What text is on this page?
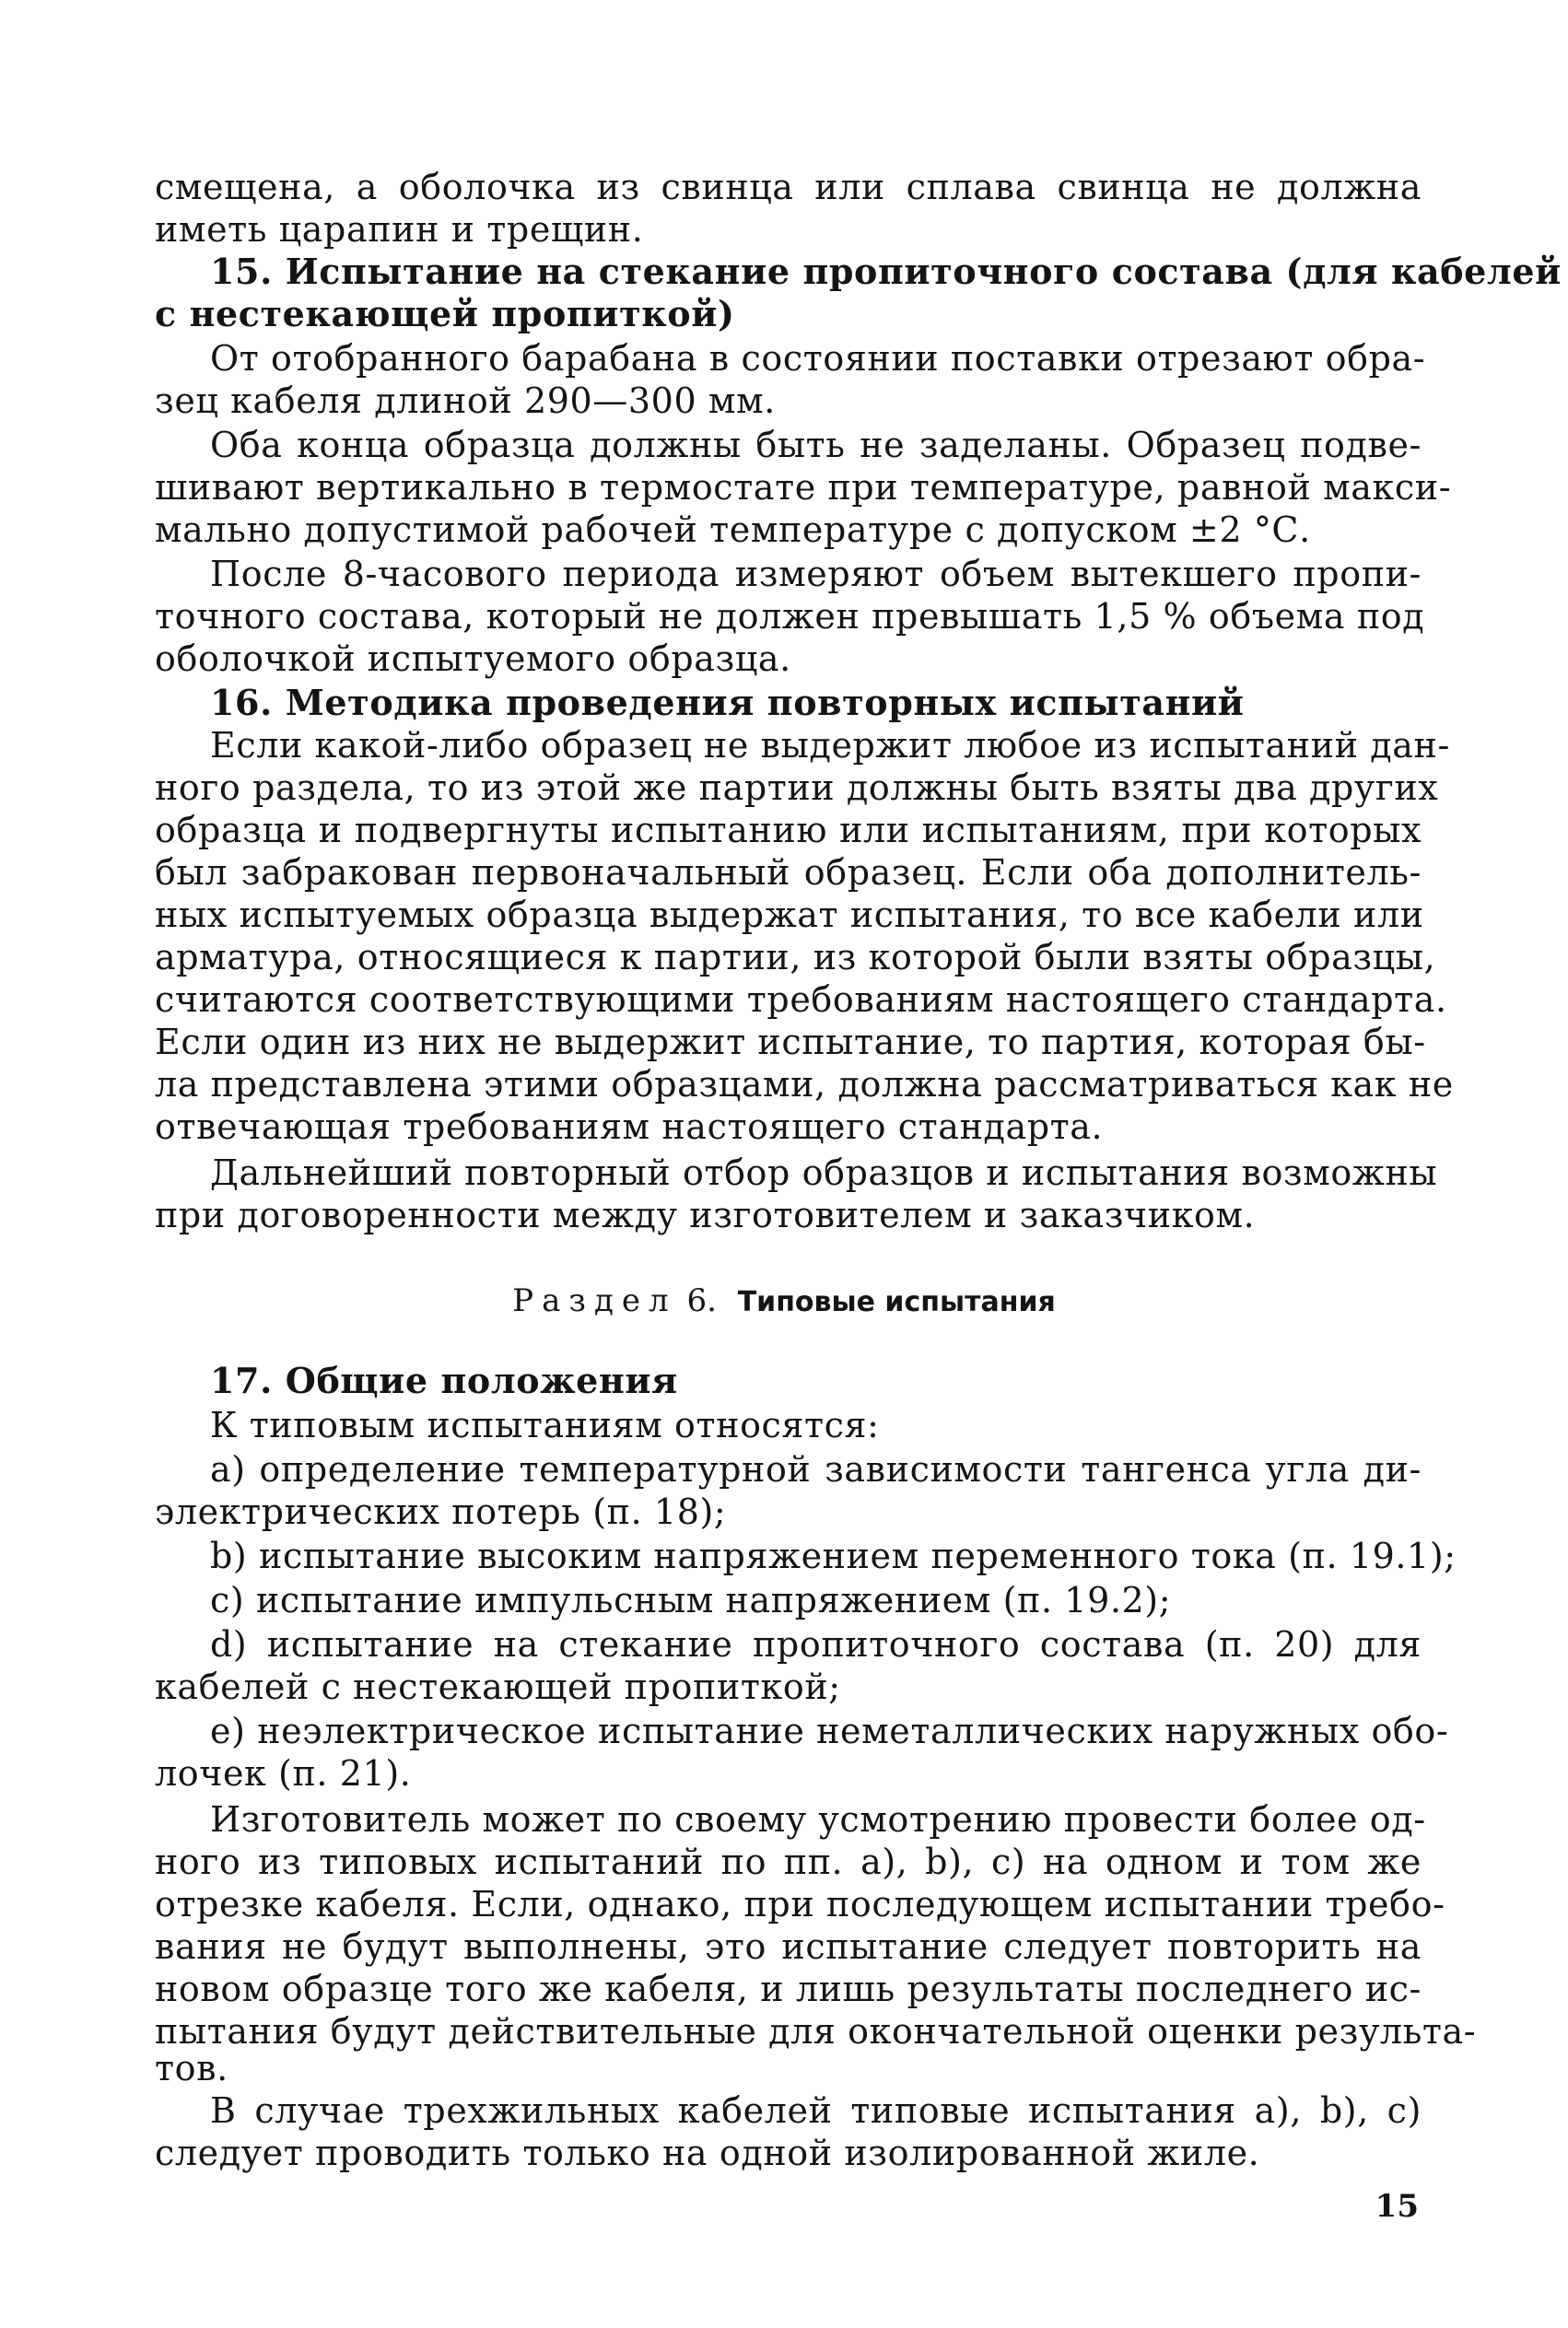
смещена, а оболочка из свинца или сплава свинца не должна
иметь царапин и трещин.
15. Испытание на стекание пропиточного состава (для кабелей
с нестекающей пропиткой)
От отобранного барабана в состоянии поставки отрезают обра-
зец кабеля длиной 290—300 мм.
Оба конца образца должны быть не заделаны. Образец подве-
шивают вертикально в термостате при температуре, равной макси-
мально допустимой рабочей температуре с допуском ±2 °С.
После 8-часового периода измеряют объем вытекшего пропи-
точного состава, который не должен превышать 1,5 % объема под
оболочкой испытуемого образца.
16. Методика проведения повторных испытаний
Если какой-либо образец не выдержит любое из испытаний дан-
ного раздела, то из этой же партии должны быть взяты два других
образца и подвергнуты испытанию или испытаниям, при которых
был забракован первоначальный образец. Если оба дополнитель-
ных испытуемых образца выдержат испытания, то все кабели или
арматура, относящиеся к партии, из которой были взяты образцы,
считаются соответствующими требованиям настоящего стандарта.
Если один из них не выдержит испытание, то партия, которая бы-
ла представлена этими образцами, должна рассматриваться как не
отвечающая требованиям настоящего стандарта.
Дальнейший повторный отбор образцов и испытания возможны
при договоренности между изготовителем и заказчиком.
Раздел 6. Типовые испытания
17. Общие положения
К типовым испытаниям относятся:
а) определение температурной зависимости тангенса угла ди-
электрических потерь (п. 18);
b) испытание высоким напряжением переменного тока (п. 19.1);
с) испытание импульсным напряжением (п. 19.2);
d) испытание на стекание пропиточного состава (п. 20) для
кабелей с нестекающей пропиткой;
е) неэлектрическое испытание неметаллических наружных обо-
лочек (п. 21).
Изготовитель может по своему усмотрению провести более од-
ного из типовых испытаний по пп. а), b), с) на одном и том же
отрезке кабеля. Если, однако, при последующем испытании требо-
вания не будут выполнены, это испытание следует повторить на
новом образце того же кабеля, и лишь результаты последнего ис-
пытания будут действительные для окончательной оценки результа-
тов.
В случае трехжильных кабелей типовые испытания а), b), с)
следует проводить только на одной изолированной жиле.
15
